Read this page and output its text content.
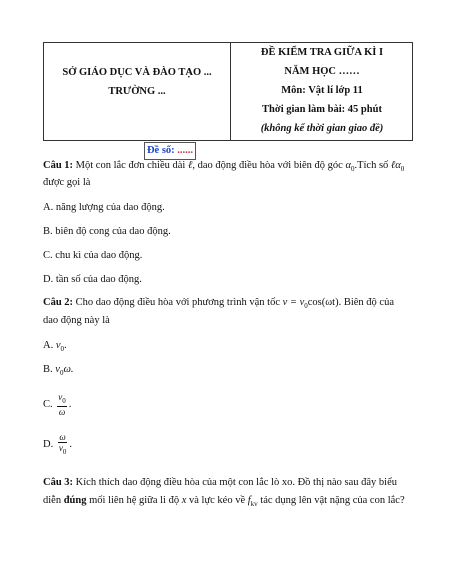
SỞ GIÁO DỤC VÀ ĐÀO TẠO ...
TRƯỜNG ...
Đề số: ......
ĐỀ KIỂM TRA GIỮA KÌ I
NĂM HỌC ……
Môn: Vật lí lớp 11
Thời gian làm bài: 45 phút
(không kể thời gian giao đề)
Câu 1: Một con lắc đơn chiều dài ℓ, dao động điều hòa với biên độ góc $\alpha_0.Tích$ số ℓα$_0$
được gọi là
A. năng lượng của dao động.
B. biên độ cong của dao động.
C. chu kì của dao động.
D. tần số của dao động.
Câu 2: Cho dao động điều hòa với phương trình vận tốc $v = v_0\cos(\omega t)$. Biên độ của
dao động này là
A. $v_0$.
B. $v_0\omega$.
C. $\frac{v_0}{\omega}$ .
D. $\frac{\omega}{v_0}$ .
Câu 3: Kích thích dao động điều hòa của một con lắc lò xo. Đồ thị nào sau đây biểu
diễn đúng mối liên hệ giữa li độ x và lực kéo về $f_{kv}$ tác dụng lên vật nặng của con lắc?
